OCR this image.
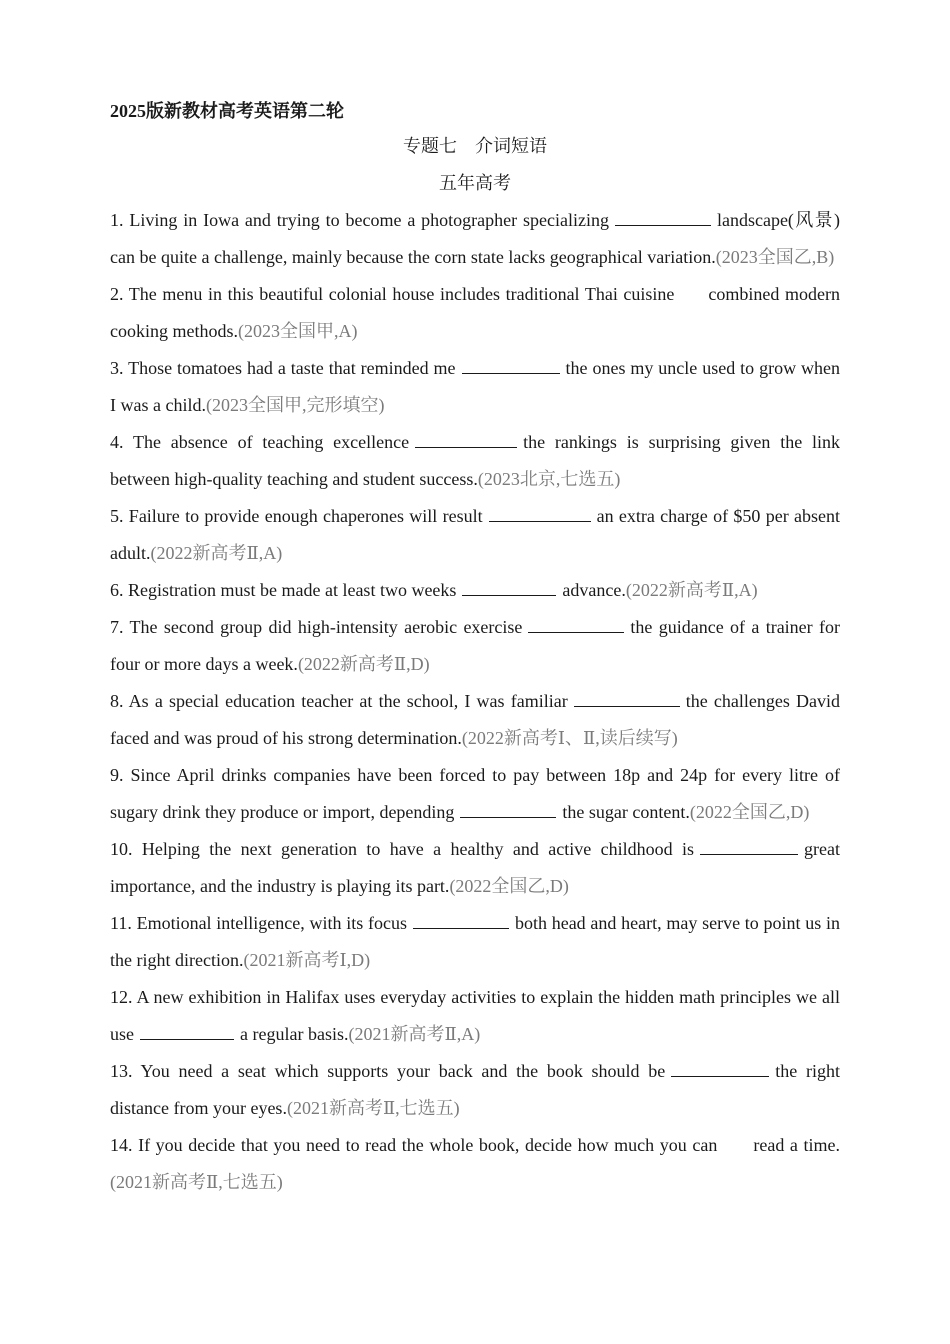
2025版新教材高考英语第二轮

专题七　介词短语

五年高考

1. Living in Iowa and trying to become a photographer specializing	landscape(风景) can be quite a challenge, mainly because the corn state lacks geographical variation.(2023全国乙,B)

2. The menu in this beautiful colonial house includes traditional Thai cuisine combined modern cooking methods.(2023全国甲,A)

3. Those tomatoes had a taste that reminded me	the ones my uncle used to grow when I was a child.(2023全国甲,完形填空)

4. The absence of teaching excellence	the rankings is surprising given the link between high-quality teaching and student success.(2023北京,七选五)

5. Failure to provide enough chaperones will result	an extra charge of $50 per absent adult.(2022新高考Ⅱ,A)

6. Registration must be made at least two weeks	advance.(2022新高考Ⅱ,A)

7. The second group did high-intensity aerobic exercise	the guidance of a trainer for four or more days a week.(2022新高考Ⅱ,D)

8. As a special education teacher at the school, I was familiar	the challenges David faced and was proud of his strong determination.(2022新高考Ⅰ、Ⅱ,读后续写)

9. Since April drinks companies have been forced to pay between 18p and 24p for every litre of sugary drink they produce or import, depending	the sugar content.(2022全国乙,D)

10. Helping the next generation to have a healthy and active childhood is	great importance, and the industry is playing its part.(2022全国乙,D)

11. Emotional intelligence, with its focus	both head and heart, may serve to point us in the right direction.(2021新高考Ⅰ,D)

12. A new exhibition in Halifax uses everyday activities to explain the hidden math principles we all use	a regular basis.(2021新高考Ⅱ,A)

13. You need a seat which supports your back and the book should be	the right distance from your eyes.(2021新高考Ⅱ,七选五)

14. If you decide that you need to read the whole book, decide how much you can read a time.(2021新高考Ⅱ,七选五)
